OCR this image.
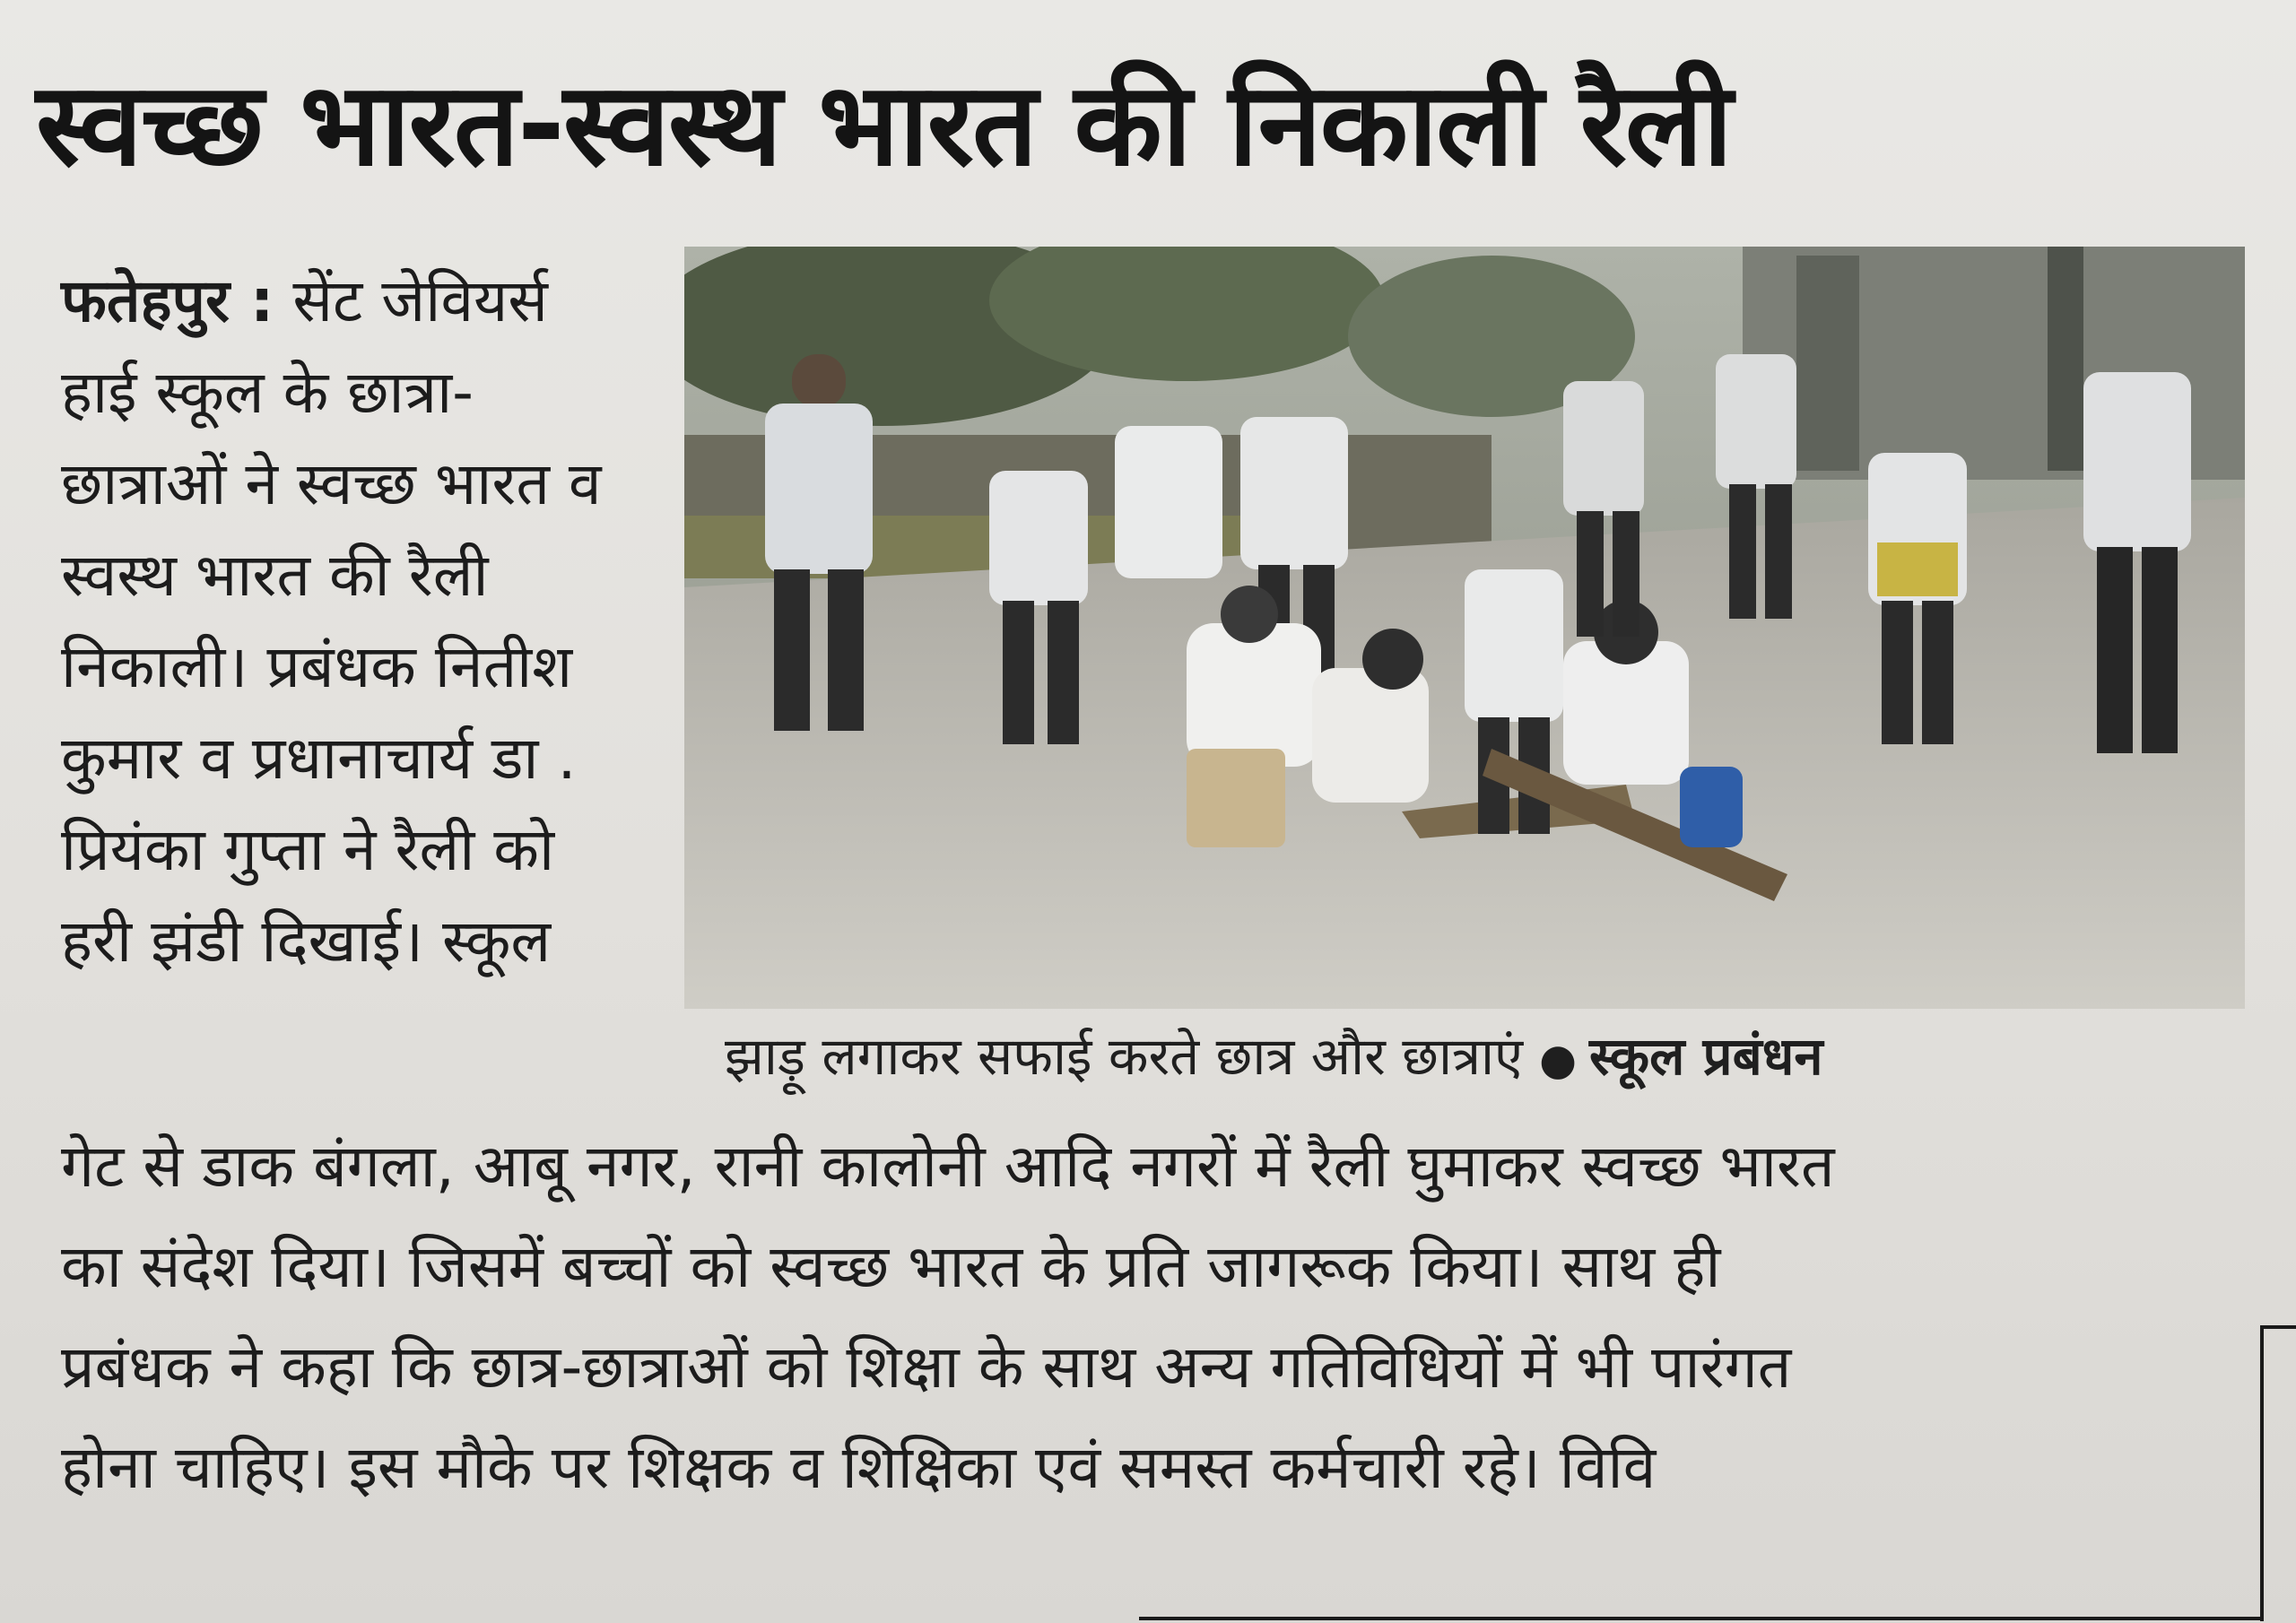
स्वच्छ भारत-स्वस्थ भारत की निकाली रैली
फतेहपुर : सेंट जेवियर्स
हाई स्कूल के छात्रा-
छात्राओं ने स्वच्छ भारत व
स्वस्थ भारत की रैली
निकाली। प्रबंधक नितीश
कुमार व प्रधानाचार्य डा .
प्रियंका गुप्ता ने रैली को
हरी झंडी दिखाई। स्कूल
झाड़ू लगाकर सफाई करते छात्र और छात्राएं ● स्कूल प्रबंधन
गेट से डाक बंगला, आबू नगर, रानी कालोनी आदि नगरों में रैली घुमाकर स्वच्छ भारत
का संदेश दिया। जिसमें बच्चों को स्वच्छ भारत के प्रति जागरूक किया। साथ ही
प्रबंधक ने कहा कि छात्र-छात्राओं को शिक्षा के साथ अन्य गतिविधियों में भी पारंगत
होना चाहिए। इस मौके पर शिक्षक व शिक्षिका एवं समस्त कर्मचारी रहे। विवि
